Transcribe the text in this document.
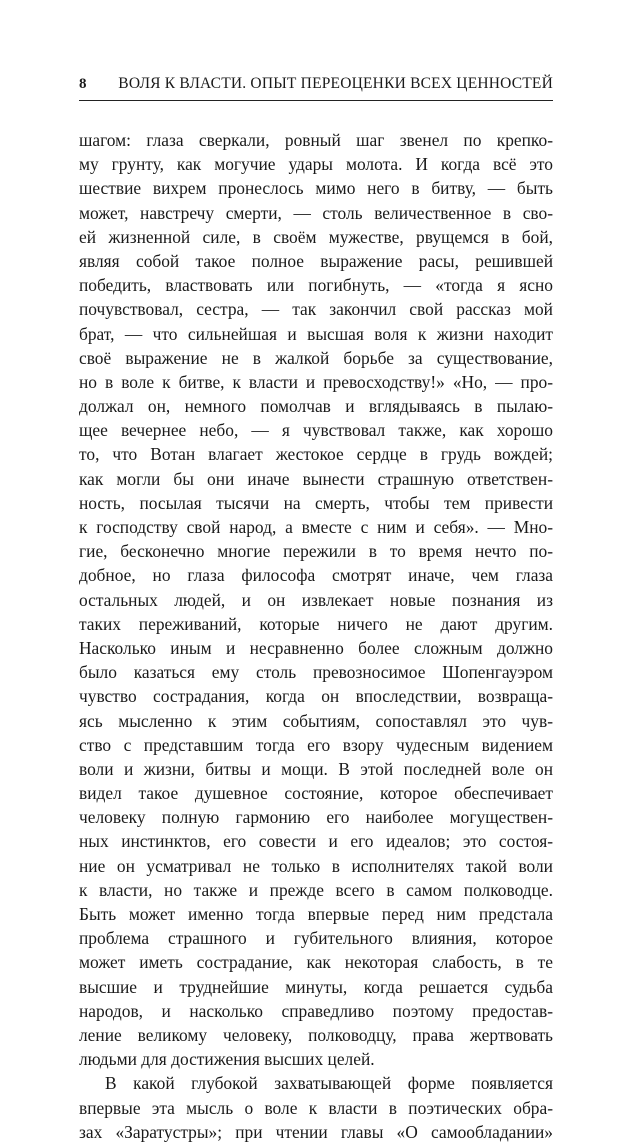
8 ВОЛЯ К ВЛАСТИ. ОПЫТ ПЕРЕОЦЕНКИ ВСЕХ ЦЕННОСТЕЙ
шагом: глаза сверкали, ровный шаг звенел по крепко-
му грунту, как могучие удары молота. И когда всё это
шествие вихрем пронеслось мимо него в битву, — быть
может, навстречу смерти, — столь величественное в сво-
ей жизненной силе, в своём мужестве, рвущемся в бой,
являя собой такое полное выражение расы, решившей
победить, властвовать или погибнуть, — «тогда я ясно
почувствовал, сестра, — так закончил свой рассказ мой
брат, — что сильнейшая и высшая воля к жизни находит
своё выражение не в жалкой борьбе за существование,
но в воле к битве, к власти и превосходству!» «Но, — про-
должал он, немного помолчав и вглядываясь в пылаю-
щее вечернее небо, — я чувствовал также, как хорошо
то, что Вотан влагает жестокое сердце в грудь вождей;
как могли бы они иначе вынести страшную ответствен-
ность, посылая тысячи на смерть, чтобы тем привести
к господству свой народ, а вместе с ним и себя». — Мно-
гие, бесконечно многие пережили в то время нечто по-
добное, но глаза философа смотрят иначе, чем глаза
остальных людей, и он извлекает новые познания из
таких переживаний, которые ничего не дают другим.
Насколько иным и несравненно более сложным должно
было казаться ему столь превозносимое Шопенгауэром
чувство сострадания, когда он впоследствии, возвраща-
ясь мысленно к этим событиям, сопоставлял это чув-
ство с представшим тогда его взору чудесным видением
воли и жизни, битвы и мощи. В этой последней воле он
видел такое душевное состояние, которое обеспечивает
человеку полную гармонию его наиболее могуществен-
ных инстинктов, его совести и его идеалов; это состоя-
ние он усматривал не только в исполнителях такой воли
к власти, но также и прежде всего в самом полководце.
Быть может именно тогда впервые перед ним предстала
проблема страшного и губительного влияния, которое
может иметь сострадание, как некоторая слабость, в те
высшие и труднейшие минуты, когда решается судьба
народов, и насколько справедливо поэтому предостав-
ление великому человеку, полководцу, права жертвовать
людьми для достижения высших целей.
В какой глубокой захватывающей форме появляется
впервые эта мысль о воле к власти в поэтических обра-
зах «Заратустры»; при чтении главы «О самообладании»
